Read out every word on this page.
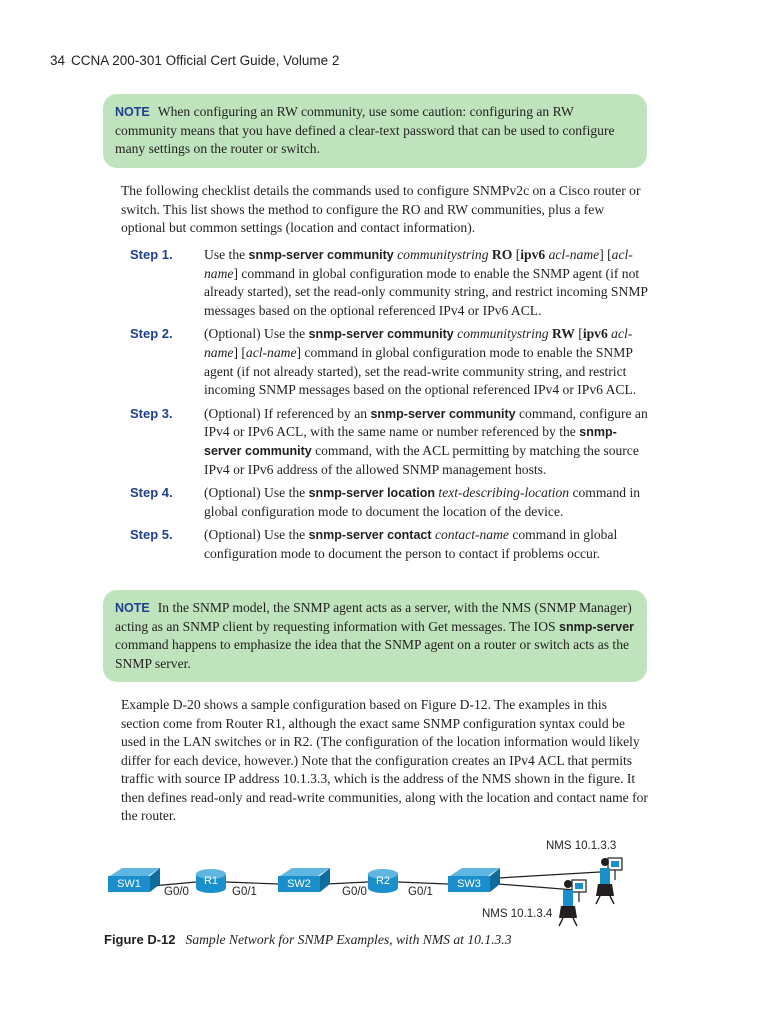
34 CCNA 200-301 Official Cert Guide, Volume 2
NOTE When configuring an RW community, use some caution: configuring an RW community means that you have defined a clear-text password that can be used to configure many settings on the router or switch.
The following checklist details the commands used to configure SNMPv2c on a Cisco router or switch. This list shows the method to configure the RO and RW communities, plus a few optional but common settings (location and contact information).
Step 1.	Use the snmp-server community communitystring RO [ipv6 acl-name] [acl-name] command in global configuration mode to enable the SNMP agent (if not already started), set the read-only community string, and restrict incoming SNMP messages based on the optional referenced IPv4 or IPv6 ACL.
Step 2.	(Optional) Use the snmp-server community communitystring RW [ipv6 acl-name] [acl-name] command in global configuration mode to enable the SNMP agent (if not already started), set the read-write community string, and restrict incoming SNMP messages based on the optional referenced IPv4 or IPv6 ACL.
Step 3.	(Optional) If referenced by an snmp-server community command, configure an IPv4 or IPv6 ACL, with the same name or number referenced by the snmp-server community command, with the ACL permitting by matching the source IPv4 or IPv6 address of the allowed SNMP management hosts.
Step 4.	(Optional) Use the snmp-server location text-describing-location command in global configuration mode to document the location of the device.
Step 5.	(Optional) Use the snmp-server contact contact-name command in global configuration mode to document the person to contact if problems occur.
NOTE In the SNMP model, the SNMP agent acts as a server, with the NMS (SNMP Manager) acting as an SNMP client by requesting information with Get messages. The IOS snmp-server command happens to emphasize the idea that the SNMP agent on a router or switch acts as the SNMP server.
Example D-20 shows a sample configuration based on Figure D-12. The examples in this section come from Router R1, although the exact same SNMP configuration syntax could be used in the LAN switches or in R2. (The configuration of the location information would likely differ for each device, however.) Note that the configuration creates an IPv4 ACL that permits traffic with source IP address 10.1.3.3, which is the address of the NMS shown in the figure. It then defines read-only and read-write communities, along with the location and contact name for the router.
SW1	R1	SW2	R2	SW3
G0/0	G0/1	G0/0	G0/1
NMS 10.1.3.3
NMS 10.1.3.4
Figure D-12 Sample Network for SNMP Examples, with NMS at 10.1.3.3
